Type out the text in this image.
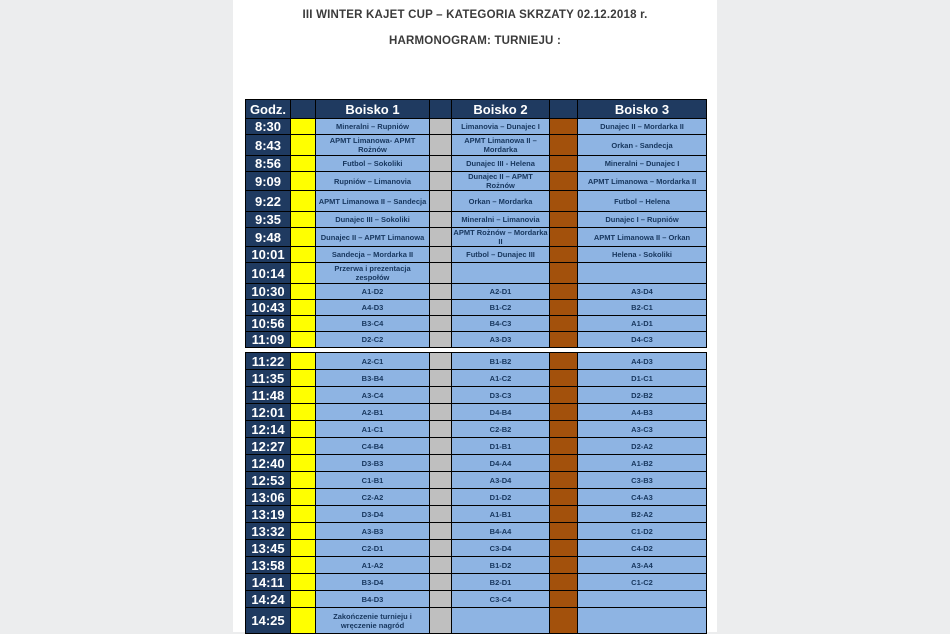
III WINTER KAJET CUP – KATEGORIA SKRZATY 02.12.2018 r.
HARMONOGRAM: TURNIEJU :
Godz.		Boisko 1		Boisko 2		Boisko 3
8:30		Mineralni – Rupniów		Limanovia – Dunajec I		Dunajec II – Mordarka II
8:43		APMT Limanowa- APMT Rożnów		APMT Limanowa II – Mordarka		Orkan - Sandecja
8:56		Futbol – Sokoliki		Dunajec III - Helena		Mineralni – Dunajec I
9:09		Rupniów – Limanovia		Dunajec II – APMT Rożnów		APMT Limanowa – Mordarka II
9:22		APMT Limanowa II – Sandecja		Orkan – Mordarka		Futbol – Helena
9:35		Dunajec III – Sokoliki		Mineralni – Limanovia		Dunajec I – Rupniów
9:48		Dunajec II – APMT Limanowa		APMT Rożnów – Mordarka II		APMT Limanowa II – Orkan
10:01		Sandecja – Mordarka II		Futbol – Dunajec III		Helena - Sokoliki
10:14		Przerwa i prezentacja zespołów				
10:30		A1-D2		A2-D1		A3-D4
10:43		A4-D3		B1-C2		B2-C1
10:56		B3-C4		B4-C3		A1-D1
11:09		D2-C2		A3-D3		D4-C3
11:22		A2-C1		B1-B2		A4-D3
11:35		B3-B4		A1-C2		D1-C1
11:48		A3-C4		D3-C3		D2-B2
12:01		A2-B1		D4-B4		A4-B3
12:14		A1-C1		C2-B2		A3-C3
12:27		C4-B4		D1-B1		D2-A2
12:40		D3-B3		D4-A4		A1-B2
12:53		C1-B1		A3-D4		C3-B3
13:06		C2-A2		D1-D2		C4-A3
13:19		D3-D4		A1-B1		B2-A2
13:32		A3-B3		B4-A4		C1-D2
13:45		C2-D1		C3-D4		C4-D2
13:58		A1-A2		B1-D2		A3-A4
14:11		B3-D4		B2-D1		C1-C2
14:24		B4-D3		C3-C4		
14:25		Zakończenie turnieju i wręczenie nagród				
